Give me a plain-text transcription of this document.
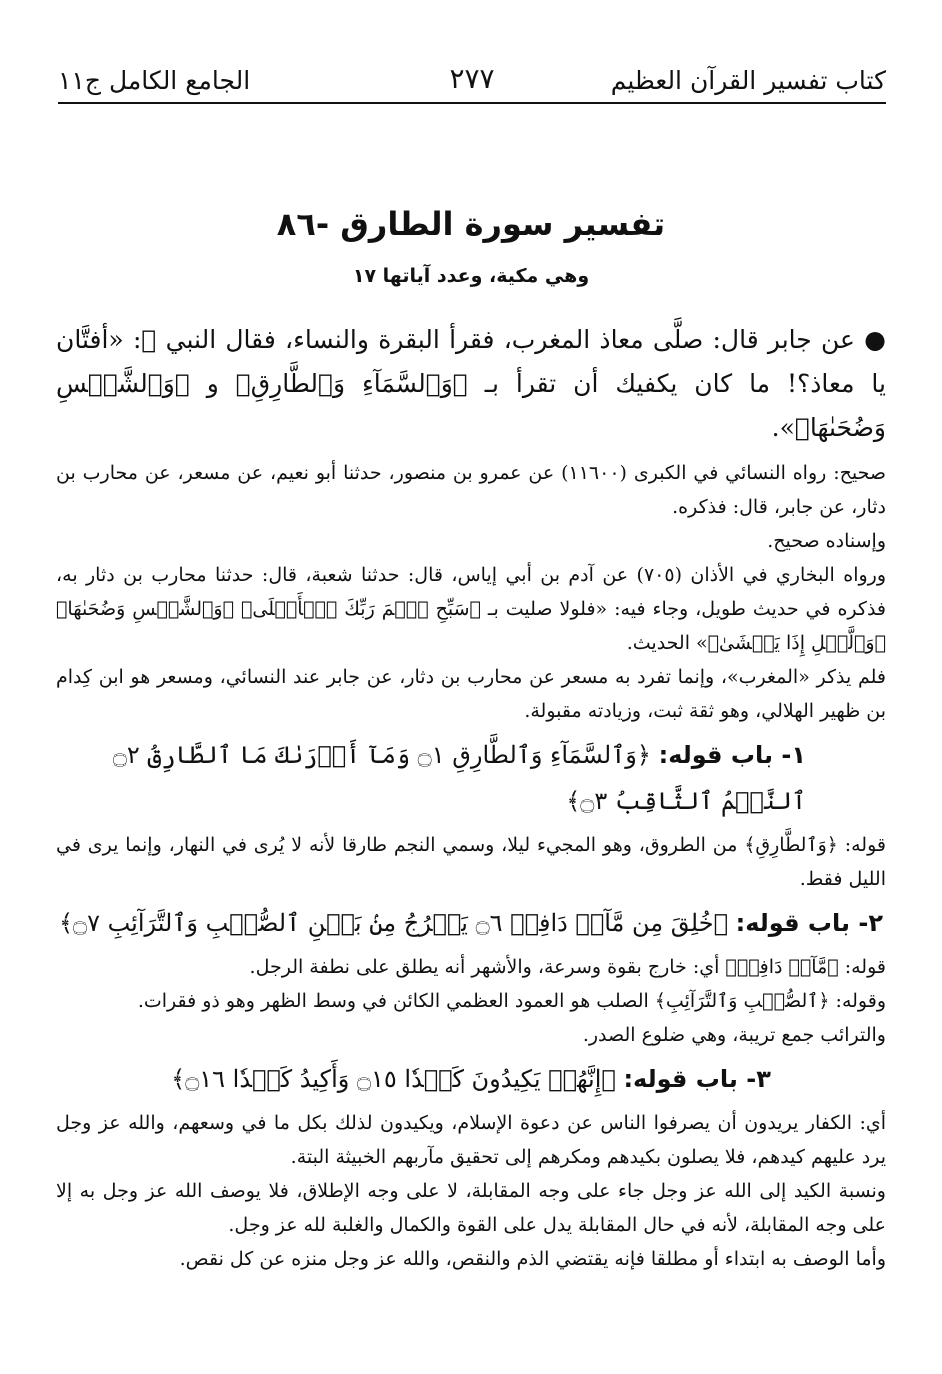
كتاب تفسير القرآن العظيم
٢٧٧
الجامع الكامل ج١١
تفسير سورة الطارق -٨٦
وهي مكية، وعدد آياتها ١٧

● عن جابر قال: صلَّى معاذ المغرب، فقرأ البقرة والنساء، فقال النبي ﷺ: «أفتَّان يا معاذ؟! ما كان يكفيك أن تقرأ بـ ﴿وَٱلسَّمَآءِ وَٱلطَّارِقِ﴾ و ﴿وَٱلشَّمۡسِ وَضُحَىٰهَا﴾».

صحيح: رواه النسائي في الكبرى (١١٦٠٠) عن عمرو بن منصور، حدثنا أبو نعيم، عن مسعر، عن محارب بن دثار، عن جابر، قال: فذكره.

وإسناده صحيح.

ورواه البخاري في الأذان (٧٠٥) عن آدم بن أبي إياس، قال: حدثنا شعبة، قال: حدثنا محارب بن دثار به، فذكره في حديث طويل، وجاء فيه: «فلولا صليت بـ ﴿سَبِّحِ ٱسۡمَ رَبِّكَ ٱلۡأَعۡلَى﴾ ﴿وَٱلشَّمۡسِ وَضُحَىٰهَا﴾ ﴿وَٱلَّيۡلِ إِذَا يَغۡشَىٰ﴾» الحديث.

فلم يذكر «المغرب»، وإنما تفرد به مسعر عن محارب بن دثار، عن جابر عند النسائي، ومسعر هو ابن كِدام بن ظهير الهلالي، وهو ثقة ثبت، وزيادته مقبولة.

١- باب قوله: ﴿وَٱلسَّمَآءِ وَٱلطَّارِقِ ۝١ وَمَآ أَدۡرَىٰكَ مَا ٱلطَّارِقُ ۝٢ ٱلنَّجۡمُ ٱلثَّاقِبُ ۝٣﴾

قوله: ﴿وَٱلطَّارِقِ﴾ من الطروق، وهو المجيء ليلا، وسمي النجم طارقا لأنه لا يُرى في النهار، وإنما يرى في الليل فقط.

٢- باب قوله: ﴿خُلِقَ مِن مَّآءٖ دَافِقٖ ۝٦ يَخۡرُجُ مِنۢ بَيۡنِ ٱلصُّلۡبِ وَٱلتَّرَآئِبِ ۝٧﴾

قوله: ﴿مَّآءٖ دَافِقٖ﴾ أي: خارج بقوة وسرعة، والأشهر أنه يطلق على نطفة الرجل.

وقوله: ﴿ٱلصُّلۡبِ وَٱلتَّرَآئِبِ﴾ الصلب هو العمود العظمي الكائن في وسط الظهر وهو ذو فقرات.

والترائب جمع تريبة، وهي ضلوع الصدر.

٣- باب قوله: ﴿إِنَّهُمۡ يَكِيدُونَ كَيۡدٗا ۝١٥ وَأَكِيدُ كَيۡدٗا ۝١٦﴾

أي: الكفار يريدون أن يصرفوا الناس عن دعوة الإسلام، ويكيدون لذلك بكل ما في وسعهم، والله عز وجل يرد عليهم كيدهم، فلا يصلون بكيدهم ومكرهم إلى تحقيق مآربهم الخبيثة البتة.

ونسبة الكيد إلى الله عز وجل جاء على وجه المقابلة، لا على وجه الإطلاق، فلا يوصف الله عز وجل به إلا على وجه المقابلة، لأنه في حال المقابلة يدل على القوة والكمال والغلبة لله عز وجل.

وأما الوصف به ابتداء أو مطلقا فإنه يقتضي الذم والنقص، والله عز وجل منزه عن كل نقص.
